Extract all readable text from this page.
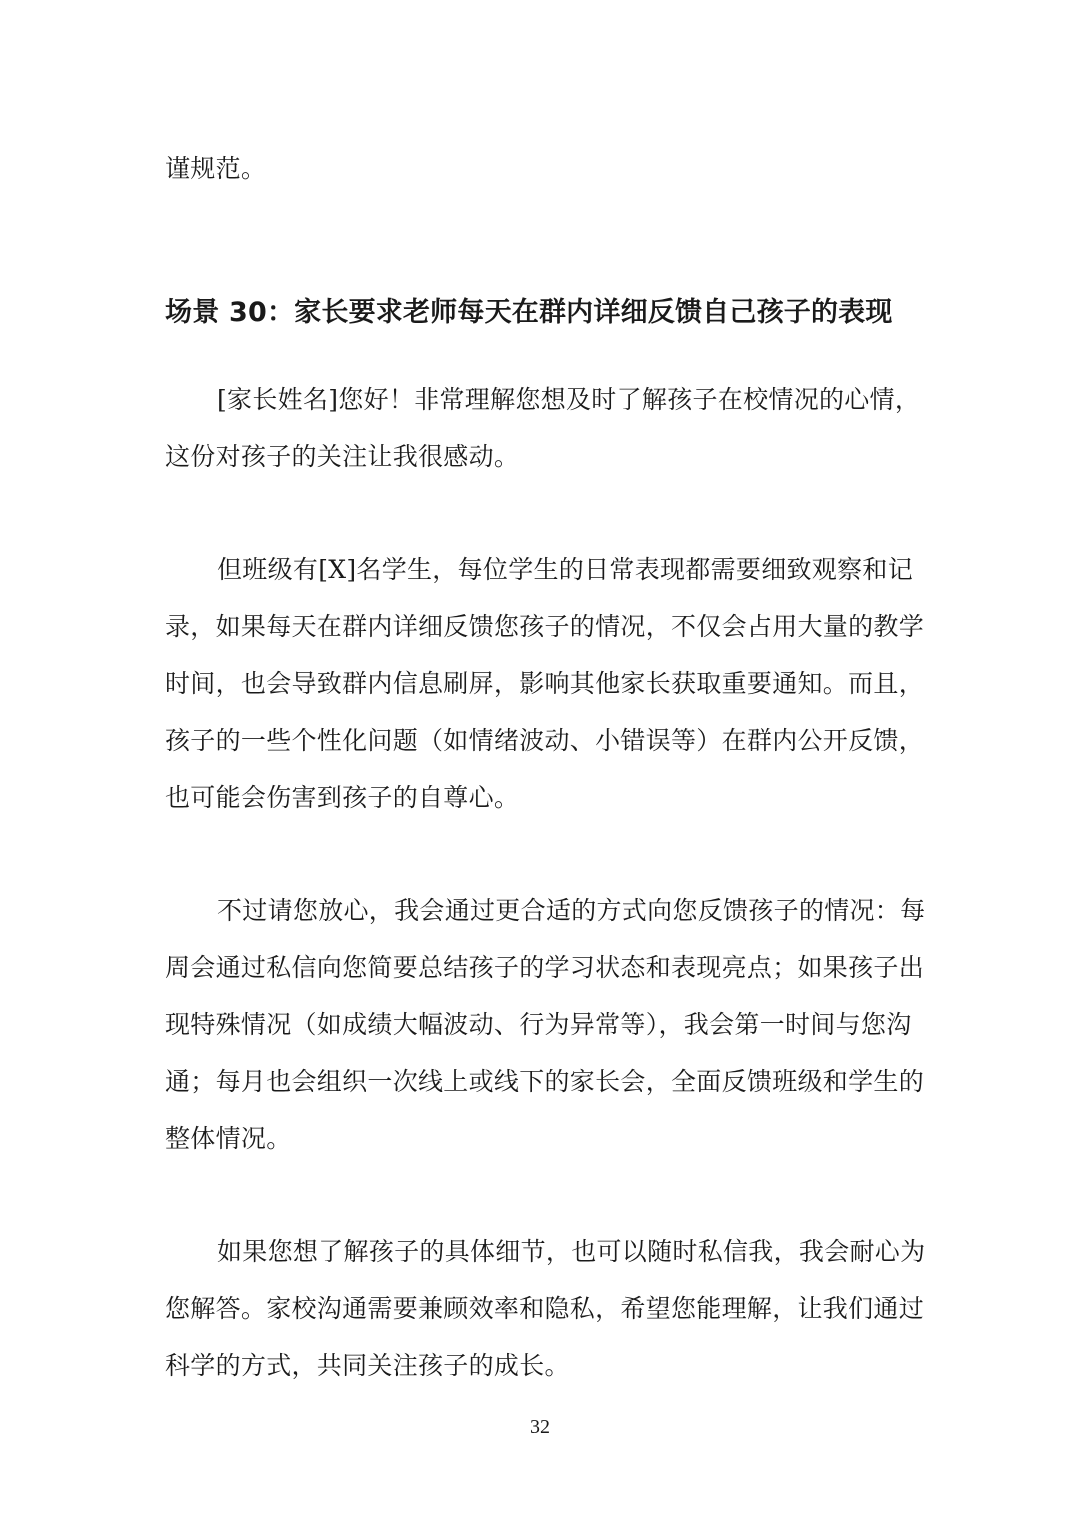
谨规范。
场景 30：家长要求老师每天在群内详细反馈自己孩子的表现
[家长姓名]您好！非常理解您想及时了解孩子在校情况的心情，
这份对孩子的关注让我很感动。
但班级有[X]名学生，每位学生的日常表现都需要细致观察和记
录，如果每天在群内详细反馈您孩子的情况，不仅会占用大量的教学
时间，也会导致群内信息刷屏，影响其他家长获取重要通知。而且，
孩子的一些个性化问题（如情绪波动、小错误等）在群内公开反馈，
也可能会伤害到孩子的自尊心。
不过请您放心，我会通过更合适的方式向您反馈孩子的情况：每
周会通过私信向您简要总结孩子的学习状态和表现亮点；如果孩子出
现特殊情况（如成绩大幅波动、行为异常等），我会第一时间与您沟
通；每月也会组织一次线上或线下的家长会，全面反馈班级和学生的
整体情况。
如果您想了解孩子的具体细节，也可以随时私信我，我会耐心为
您解答。家校沟通需要兼顾效率和隐私，希望您能理解，让我们通过
科学的方式，共同关注孩子的成长。
32
